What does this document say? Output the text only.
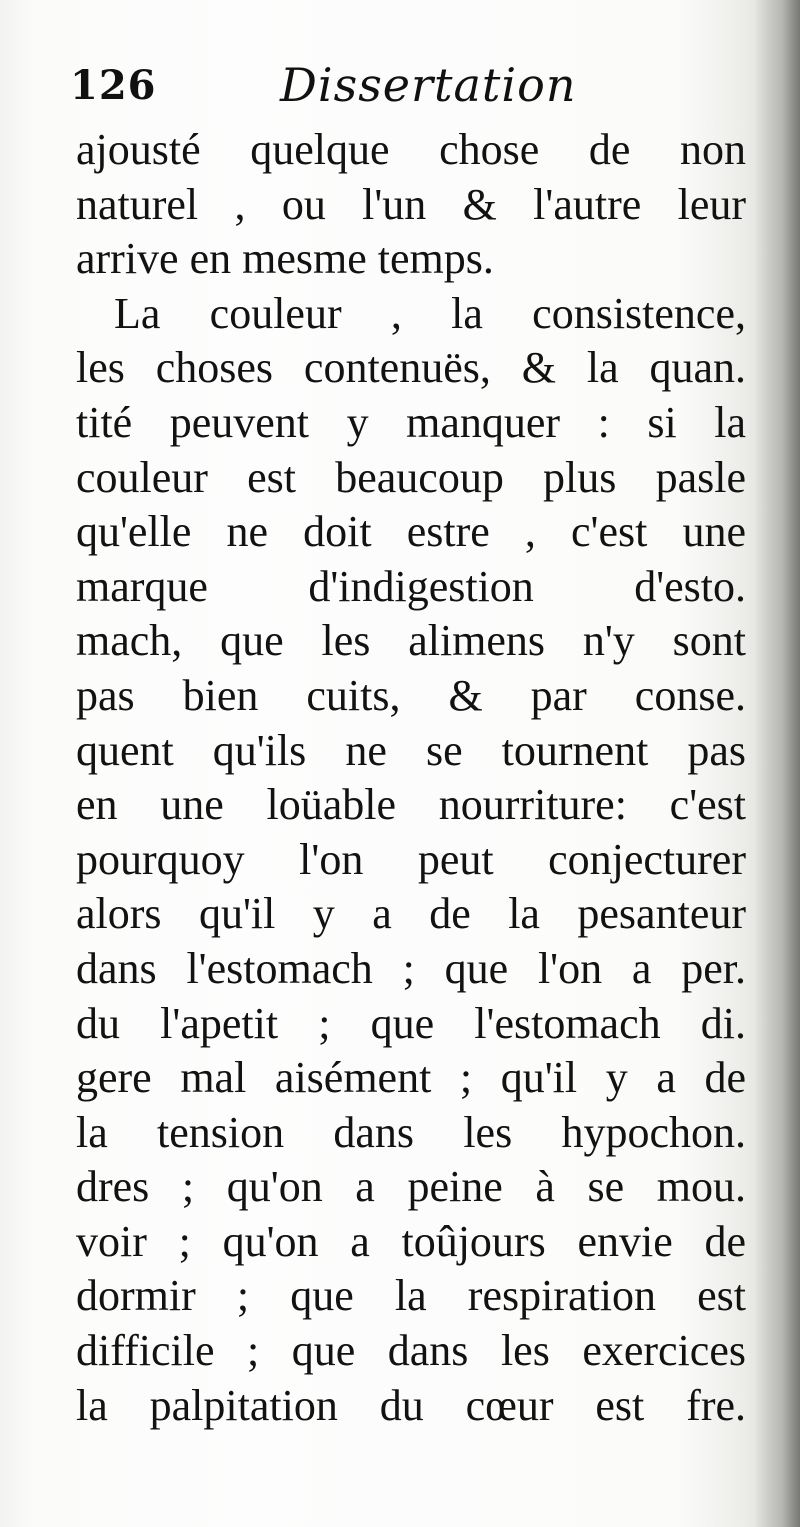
126	Dissertation
ajousté quelque chose de non
naturel , ou l'un & l'autre leur
arrive en mesme temps.
La couleur , la consistence,
les choses contenuës, & la quan.
tité peuvent y manquer : si la
couleur est beaucoup plus pasle
qu'elle ne doit estre , c'est une
marque d'indigestion d'esto.
mach, que les alimens n'y sont
pas bien cuits, & par conse.
quent qu'ils ne se tournent pas
en une loüable nourriture: c'est
pourquoy l'on peut conjecturer
alors qu'il y a de la pesanteur
dans l'estomach ; que l'on a per.
du l'apetit ; que l'estomach di.
gere mal aisément ; qu'il y a de
la tension dans les hypochon.
dres ; qu'on a peine à se mou.
voir ; qu'on a toûjours envie de
dormir ; que la respiration est
difficile ; que dans les exercices
la palpitation du cœur est fre.
